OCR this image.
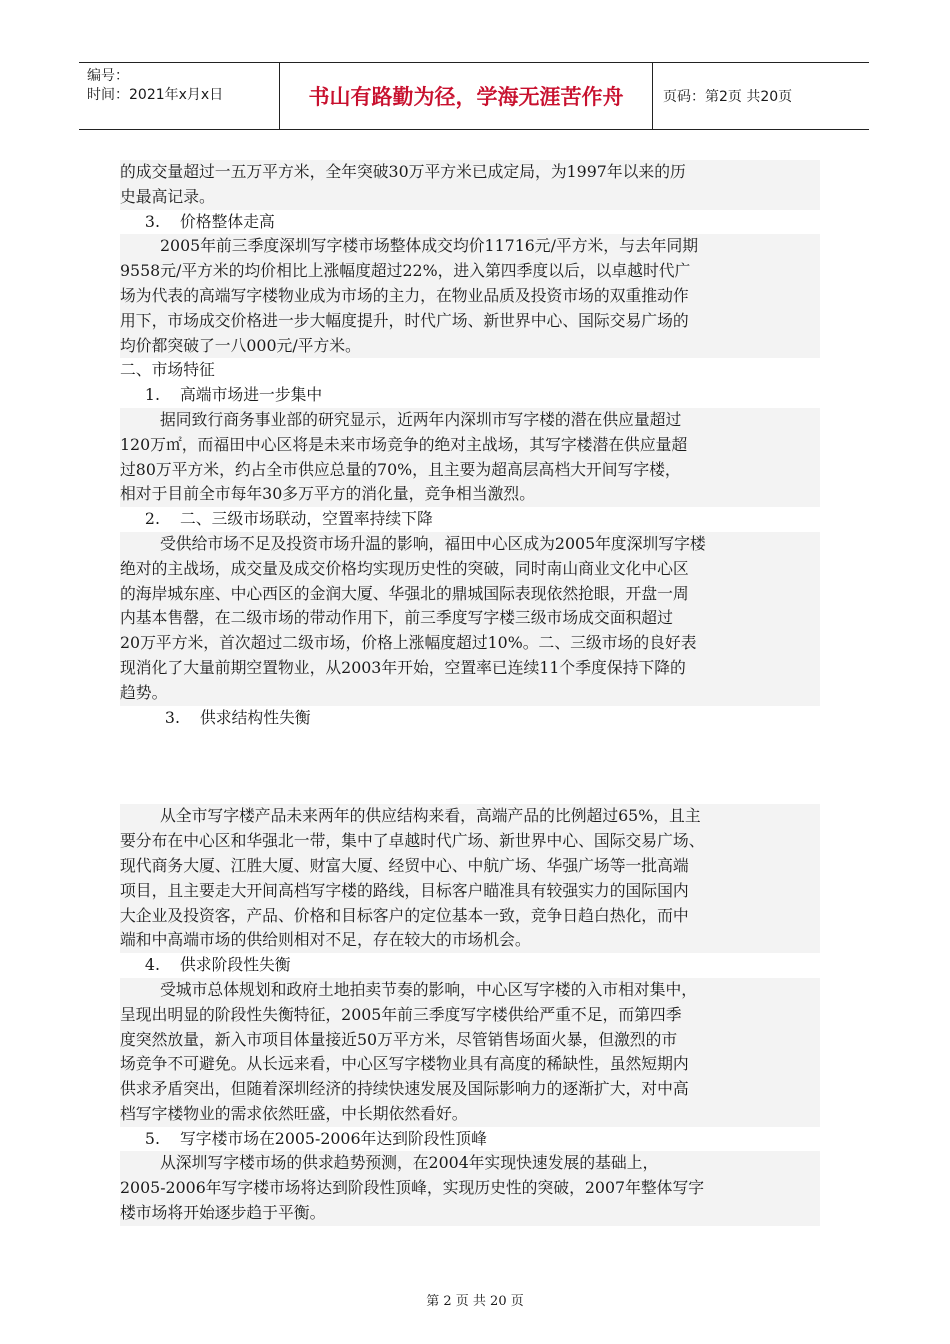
编号：
时间：2021年x月x日	书山有路勤为径，学海无涯苦作舟	页码：第2页 共20页

的成交量超过一五万平方米，全年突破30万平方米已成定局，为1997年以来的历

史最高记录。

3. 价格整体走高

2005年前三季度深圳写字楼市场整体成交均价11716元/平方米，与去年同期

9558元/平方米的均价相比上涨幅度超过22%，进入第四季度以后，以卓越时代广

场为代表的高端写字楼物业成为市场的主力，在物业品质及投资市场的双重推动作

用下，市场成交价格进一步大幅度提升，时代广场、新世界中心、国际交易广场的

均价都突破了一八000元/平方米。

二、市场特征

1. 高端市场进一步集中

据同致行商务事业部的研究显示，近两年内深圳市写字楼的潜在供应量超过

120万㎡，而福田中心区将是未来市场竞争的绝对主战场，其写字楼潜在供应量超

过80万平方米，约占全市供应总量的70%，且主要为超高层高档大开间写字楼，

相对于目前全市每年30多万平方的消化量，竞争相当激烈。

2. 二、三级市场联动，空置率持续下降

受供给市场不足及投资市场升温的影响，福田中心区成为2005年度深圳写字楼

绝对的主战场，成交量及成交价格均实现历史性的突破，同时南山商业文化中心区

的海岸城东座、中心西区的金润大厦、华强北的鼎城国际表现依然抢眼，开盘一周

内基本售罄，在二级市场的带动作用下，前三季度写字楼三级市场成交面积超过

20万平方米，首次超过二级市场，价格上涨幅度超过10%。二、三级市场的良好表

现消化了大量前期空置物业，从2003年开始，空置率已连续11个季度保持下降的

趋势。

3. 供求结构性失衡

从全市写字楼产品未来两年的供应结构来看，高端产品的比例超过65%，且主

要分布在中心区和华强北一带，集中了卓越时代广场、新世界中心、国际交易广场、

现代商务大厦、江胜大厦、财富大厦、经贸中心、中航广场、华强广场等一批高端

项目，且主要走大开间高档写字楼的路线，目标客户瞄准具有较强实力的国际国内

大企业及投资客，产品、价格和目标客户的定位基本一致，竞争日趋白热化，而中

端和中高端市场的供给则相对不足，存在较大的市场机会。

4. 供求阶段性失衡

受城市总体规划和政府土地拍卖节奏的影响，中心区写字楼的入市相对集中，

呈现出明显的阶段性失衡特征，2005年前三季度写字楼供给严重不足，而第四季

度突然放量，新入市项目体量接近50万平方米，尽管销售场面火暴，但激烈的市

场竞争不可避免。从长远来看，中心区写字楼物业具有高度的稀缺性，虽然短期内

供求矛盾突出，但随着深圳经济的持续快速发展及国际影响力的逐渐扩大，对中高

档写字楼物业的需求依然旺盛，中长期依然看好。

5. 写字楼市场在2005-2006年达到阶段性顶峰

从深圳写字楼市场的供求趋势预测，在2004年实现快速发展的基础上，

2005-2006年写字楼市场将达到阶段性顶峰，实现历史性的突破，2007年整体写字

楼市场将开始逐步趋于平衡。

第 2 页 共 20 页
